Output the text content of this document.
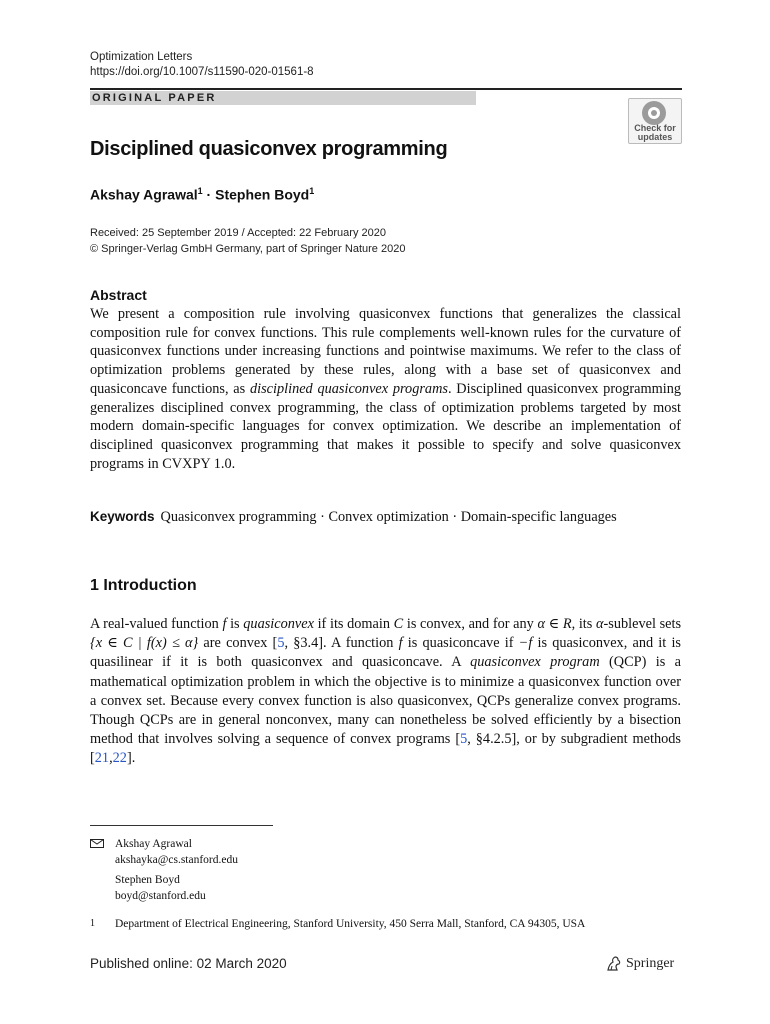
Optimization Letters
https://doi.org/10.1007/s11590-020-01561-8
ORIGINAL PAPER
Check for
updates
Disciplined quasiconvex programming
Akshay Agrawal$^1$ · Stephen Boyd$^1$
Received: 25 September 2019 / Accepted: 22 February 2020
© Springer-Verlag GmbH Germany, part of Springer Nature 2020
Abstract
We present a composition rule involving quasiconvex functions that generalizes the classical composition rule for convex functions. This rule complements well-known rules for the curvature of quasiconvex functions under increasing functions and pointwise maximums. We refer to the class of optimization problems generated by these rules, along with a base set of quasiconvex and quasiconcave functions, as disciplined quasiconvex programs. Disciplined quasiconvex programming generalizes disciplined convex programming, the class of optimization problems targeted by most modern domain-specific languages for convex optimization. We describe an implementation of disciplined quasiconvex programming that makes it possible to specify and solve quasiconvex programs in CVXPY 1.0.
Keywords Quasiconvex programming · Convex optimization · Domain-specific languages
1 Introduction
A real-valued function f is quasiconvex if its domain C is convex, and for any α ∈ R, its α-sublevel sets {x ∈ C | f(x) ≤ α} are convex [5, §3.4]. A function f is quasiconcave if −f is quasiconvex, and it is quasilinear if it is both quasiconvex and quasiconcave. A quasiconvex program (QCP) is a mathematical optimization problem in which the objective is to minimize a quasiconvex function over a convex set. Because every convex function is also quasiconvex, QCPs generalize convex programs. Though QCPs are in general nonconvex, many can nonetheless be solved efficiently by a bisection method that involves solving a sequence of convex programs [5, §4.2.5], or by subgradient methods [21,22].
Akshay Agrawal
akshayka@cs.stanford.edu
Stephen Boyd
boyd@stanford.edu
1 Department of Electrical Engineering, Stanford University, 450 Serra Mall, Stanford, CA 94305, USA
Published online: 02 March 2020	Springer
